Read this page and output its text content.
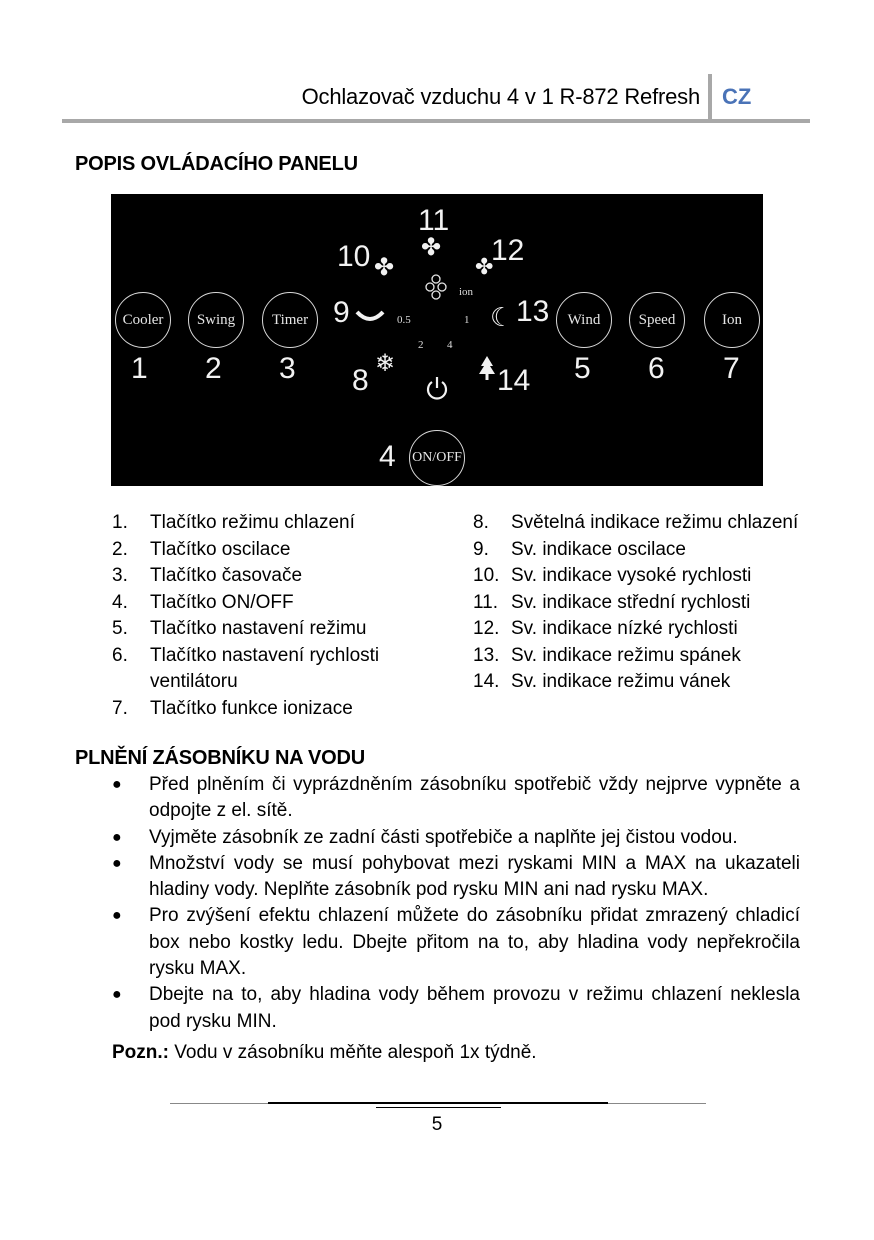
Ochlazovač vzduchu 4 v 1 R-872 Refresh CZ
POPIS OVLÁDACÍHO PANELU
Cooler	Swing	Timer	Wind	Speed	Ion
ON/OFF
1 2 3
4
5 6 7
8
9
10
11
12
13
14
ion
0.5	1
2 4
✤
✤	✤
☾
❄
1.	Tlačítko režimu chlazení
2.	Tlačítko oscilace
3.	Tlačítko časovače
4.	Tlačítko ON/OFF
5.	Tlačítko nastavení režimu
6.	Tlačítko nastavení rychlosti ventilátoru
7.	Tlačítko funkce ionizace
8.	Světelná indikace režimu chlazení
9.	Sv. indikace oscilace
10. Sv. indikace vysoké rychlosti
11. Sv. indikace střední rychlosti
12. Sv. indikace nízké rychlosti
13. Sv. indikace režimu spánek
14. Sv. indikace režimu vánek
PLNĚNÍ ZÁSOBNÍKU NA VODU
●	Před plněním či vyprázdněním zásobníku spotřebič vždy nejprve vypněte a odpojte z el. sítě.
●	Vyjměte zásobník ze zadní části spotřebiče a naplňte jej čistou vodou.
●	Množství vody se musí pohybovat mezi ryskami MIN a MAX na ukazateli hladiny vody. Neplňte zásobník pod rysku MIN ani nad rysku MAX.
●	Pro zvýšení efektu chlazení můžete do zásobníku přidat zmrazený chladicí box nebo kostky ledu. Dbejte přitom na to, aby hladina vody nepřekročila rysku MAX.
●	Dbejte na to, aby hladina vody během provozu v režimu chlazení neklesla pod rysku MIN.
Pozn.: Vodu v zásobníku měňte alespoň 1x týdně.
5
